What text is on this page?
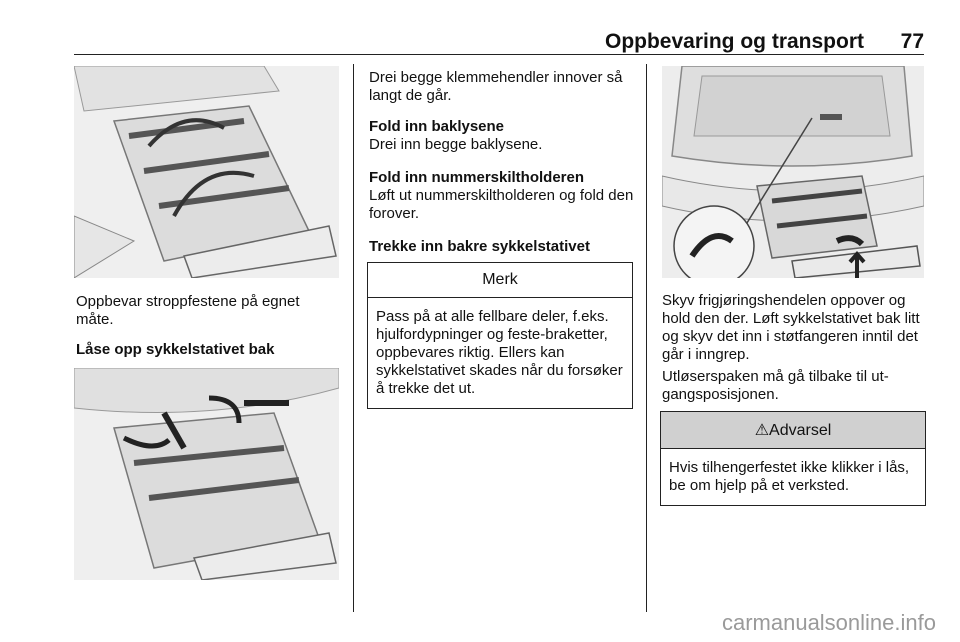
Oppbevaring og transport 77

Oppbevar stroppfestene på egnet måte.

Låse opp sykkelstativet bak

Drei begge klemmehendler innover så langt de går.

Fold inn baklysene

Drei inn begge baklysene.

Fold inn nummerskiltholderen

Løft ut nummerskiltholderen og fold den forover.

Trekke inn bakre sykkelstativet

Merk
Pass på at alle fellbare deler, f.eks. hjulfordypninger og feste-braketter, oppbevares riktig. Ellers kan sykkelstativet skades når du forsøker å trekke det ut.

Skyv frigjøringshendelen oppover og hold den der. Løft sykkelstativet bak litt og skyv det inn i støtfangeren inntil det går i inngrep.

Utløserspaken må gå tilbake til ut-gangsposisjonen.

⚠Advarsel
Hvis tilhengerfestet ikke klikker i lås, be om hjelp på et verksted.
carmanualsonline.info
